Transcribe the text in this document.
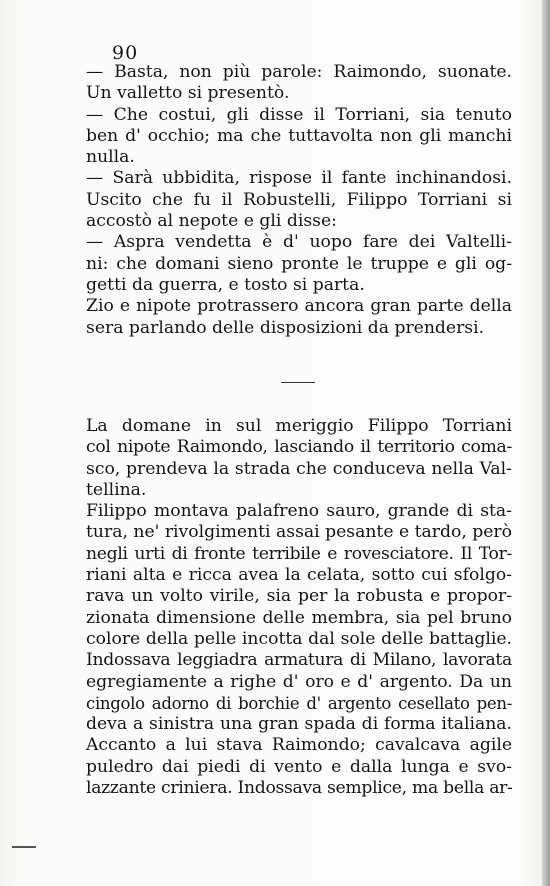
90
— Basta, non più parole: Raimondo, suonate.
Un valletto si presentò.
— Che costui, gli disse il Torriani, sia tenuto
ben d' occhio; ma che tuttavolta non gli manchi
nulla.
— Sarà ubbidita, rispose il fante inchinandosi.
Uscito che fu il Robustelli, Filippo Torriani si
accostò al nepote e gli disse:
— Aspra vendetta è d' uopo fare dei Valtelli-
ni: che domani sieno pronte le truppe e gli og-
getti da guerra, e tosto si parta.
Zio e nipote protrassero ancora gran parte della
sera parlando delle disposizioni da prendersi.
La domane in sul meriggio Filippo Torriani
col nipote Raimondo, lasciando il territorio coma-
sco, prendeva la strada che conduceva nella Val-
tellina.
Filippo montava palafreno sauro, grande di sta-
tura, ne' rivolgimenti assai pesante e tardo, però
negli urti di fronte terribile e rovesciatore. Il Tor-
riani alta e ricca avea la celata, sotto cui sfolgo-
rava un volto virile, sia per la robusta e propor-
zionata dimensione delle membra, sia pel bruno
colore della pelle incotta dal sole delle battaglie.
Indossava leggiadra armatura di Milano, lavorata
egregiamente a righe d' oro e d' argento. Da un
cingolo adorno di borchie d' argento cesellato pen-
deva a sinistra una gran spada di forma italiana.
Accanto a lui stava Raimondo; cavalcava agile
puledro dai piedi di vento e dalla lunga e svo-
lazzante criniera. Indossava semplice, ma bella ar-
